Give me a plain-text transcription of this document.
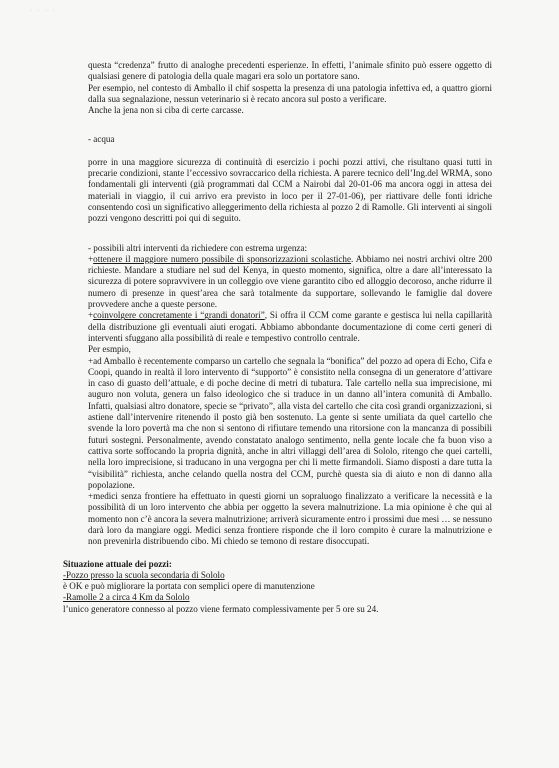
· · · ·

questa “credenza” frutto di analoghe precedenti esperienze. In effetti, l’animale sfinito può essere oggetto di qualsiasi genere di patologia della quale magari era solo un portatore sano.

Per esempio, nel contesto di Amballo il chif sospetta la presenza di una patologia infettiva ed, a quattro giorni dalla sua segnalazione, nessun veterinario si è recato ancora sul posto a verificare.

Anche la jena non si ciba di certe carcasse.

- acqua

porre in una maggiore sicurezza di continuità di esercizio i pochi pozzi attivi, che risultano quasi tutti in precarie condizioni, stante l’eccessivo sovraccarico della richiesta. A parere tecnico dell’Ing.del WRMA, sono fondamentali gli interventi (già programmati dal CCM a Nairobi dal 20-01-06 ma ancora oggi in attesa dei materiali in viaggio, il cui arrivo era previsto in loco per il 27-01-06), per riattivare delle fonti idriche consentendo così un significativo alleggerimento della richiesta al pozzo 2 di Ramolle. Gli interventi ai singoli pozzi vengono descritti poi qui di seguito.

- possibili altri interventi da richiedere con estrema urgenza:

+ottenere il maggiore numero possibile di sponsorizzazioni scolastiche. Abbiamo nei nostri archivi oltre 200 richieste. Mandare a studiare nel sud del Kenya, in questo momento, significa, oltre a dare all’interessato la sicurezza di potere sopravvivere in un colleggio ove viene garantito cibo ed alloggio decoroso, anche ridurre il numero di presenze in quest’area che sarà totalmente da supportare, sollevando le famiglie dal dovere provvedere anche a queste persone.

+coinvolgere concretamente i “grandi donatori”, Si offra il CCM come garante e gestisca lui nella capillarità della distribuzione gli eventuali aiuti erogati. Abbiamo abbondante documentazione di come certi generi di interventi sfuggano alla possibilità di reale e tempestivo controllo centrale.

Per esmpio,

+ad Amballo è recentemente comparso un cartello che segnala la “bonifica” del pozzo ad opera di Echo, Cifa e Coopi, quando in realtà il loro intervento di “supporto” è consistito nella consegna di un generatore d’attivare in caso di guasto dell’attuale, e di poche decine di metri di tubatura. Tale cartello nella sua imprecisione, mi auguro non voluta, genera un falso ideologico che si traduce in un danno all’intera comunità di Amballo. Infatti, qualsiasi altro donatore, specie se “privato”, alla vista del cartello che cita così grandi organizzazioni, si astiene dall’intervenire ritenendo il posto già ben sostenuto. La gente si sente umiliata da quel cartello che svende la loro povertà ma che non si sentono di rifiutare temendo una ritorsione con la mancanza di possibili futuri sostegni. Personalmente, avendo constatato analogo sentimento, nella gente locale che fa buon viso a cattiva sorte soffocando la propria dignità, anche in altri villaggi dell’area di Sololo, ritengo che quei cartelli, nella loro imprecisione, si traducano in una vergogna per chi li mette firmandoli. Siamo disposti a dare tutta la “visibilità” richiesta, anche celando quella nostra del CCM, purchè questa sia di aiuto e non di danno alla popolazione.

+medici senza frontiere ha effettuato in questi giorni un sopraluogo finalizzato a verificare la necessità e la possibilità di un loro intervento che abbia per oggetto la severa malnutrizione. La mia opinione è che qui al momento non c’è ancora la severa malnutrizione; arriverà sicuramente entro i prossimi due mesi … se nessuno darà loro da mangiare oggi. Medici senza frontiere risponde che il loro compito è curare la malnutrizione e non prevenirla distribuendo cibo. Mi chiedo se temono di restare disoccupati.

Situazione attuale dei pozzi:

-Pozzo presso la scuola secondaria di Sololo

è OK e può migliorare la portata con semplici opere di manutenzione

-Ramolle 2 a circa 4 Km da Sololo

l’unico generatore connesso al pozzo viene fermato complessivamente per 5 ore su 24.
